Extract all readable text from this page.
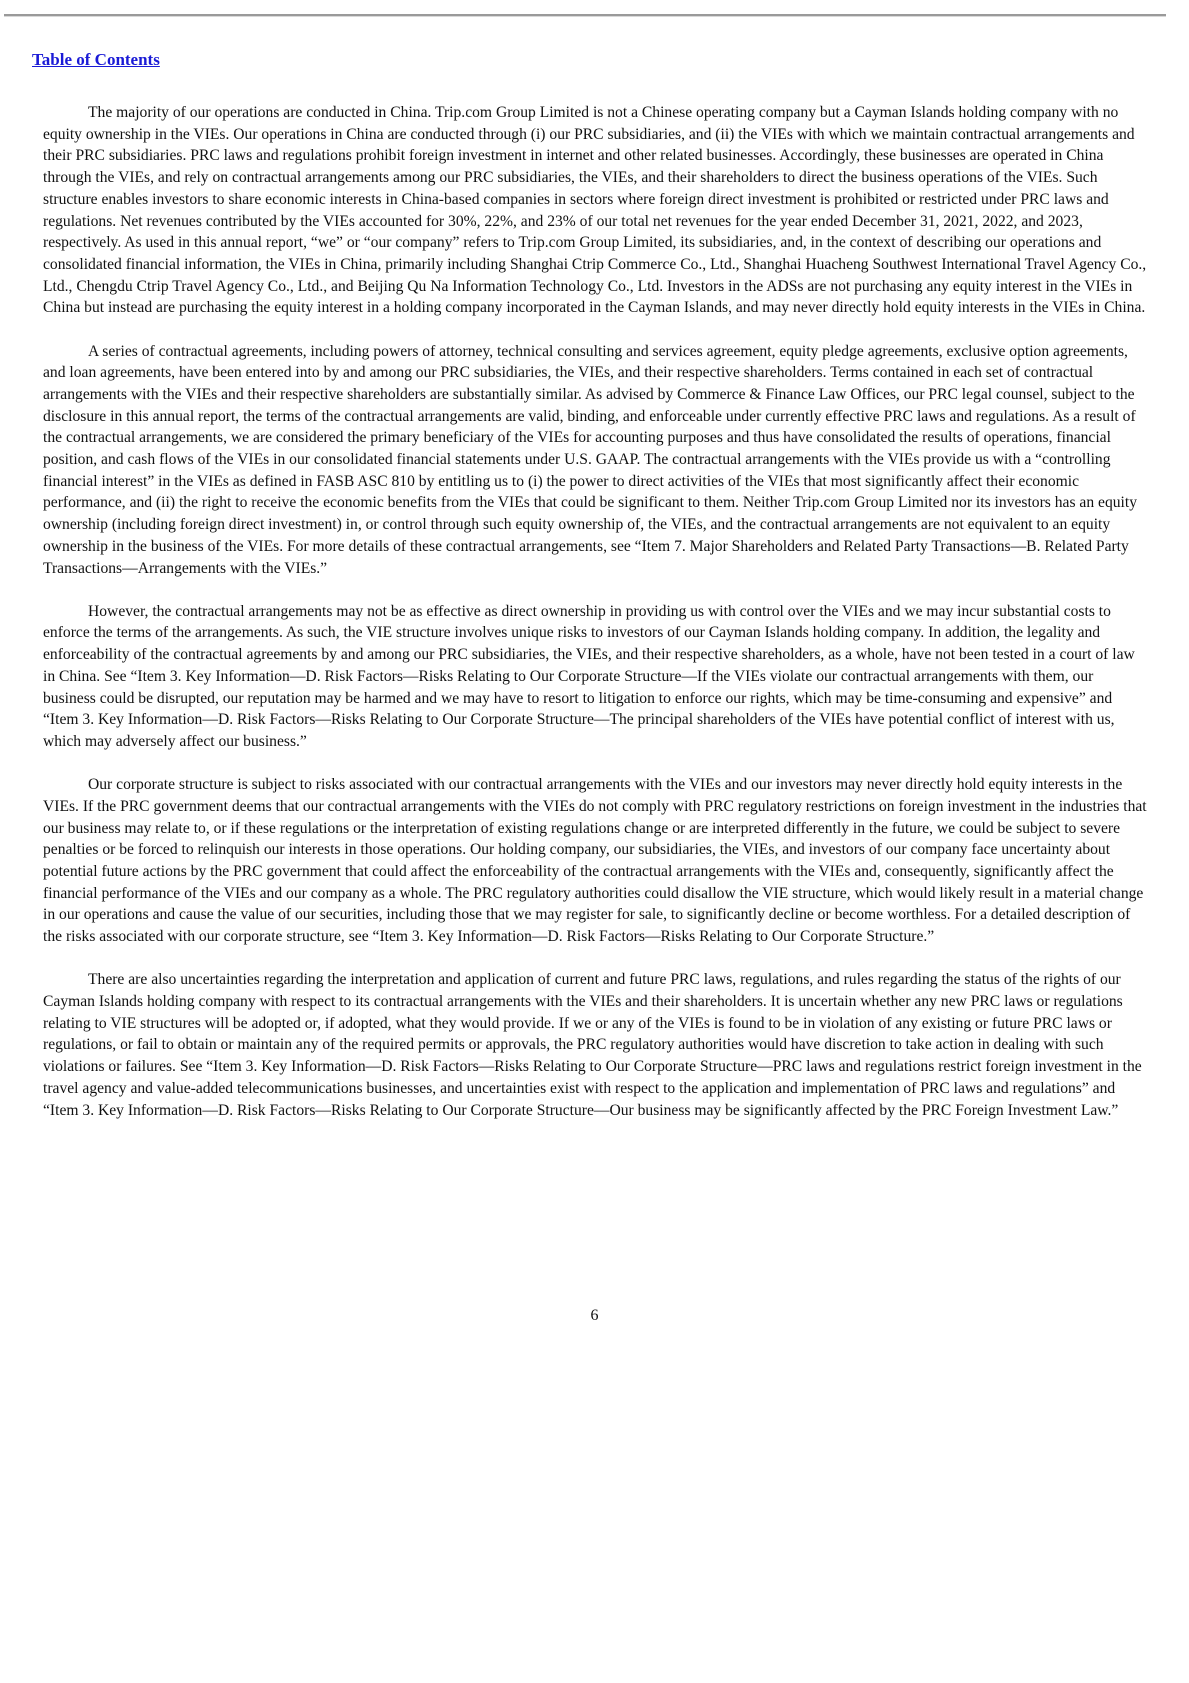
Table of Contents

The majority of our operations are conducted in China. Trip.com Group Limited is not a Chinese operating company but a Cayman Islands holding company with no equity ownership in the VIEs. Our operations in China are conducted through (i) our PRC subsidiaries, and (ii) the VIEs with which we maintain contractual arrangements and their PRC subsidiaries. PRC laws and regulations prohibit foreign investment in internet and other related businesses. Accordingly, these businesses are operated in China through the VIEs, and rely on contractual arrangements among our PRC subsidiaries, the VIEs, and their shareholders to direct the business operations of the VIEs. Such structure enables investors to share economic interests in China-based companies in sectors where foreign direct investment is prohibited or restricted under PRC laws and regulations. Net revenues contributed by the VIEs accounted for 30%, 22%, and 23% of our total net revenues for the year ended December 31, 2021, 2022, and 2023, respectively. As used in this annual report, “we” or “our company” refers to Trip.com Group Limited, its subsidiaries, and, in the context of describing our operations and consolidated financial information, the VIEs in China, primarily including Shanghai Ctrip Commerce Co., Ltd., Shanghai Huacheng Southwest International Travel Agency Co., Ltd., Chengdu Ctrip Travel Agency Co., Ltd., and Beijing Qu Na Information Technology Co., Ltd. Investors in the ADSs are not purchasing any equity interest in the VIEs in China but instead are purchasing the equity interest in a holding company incorporated in the Cayman Islands, and may never directly hold equity interests in the VIEs in China.

A series of contractual agreements, including powers of attorney, technical consulting and services agreement, equity pledge agreements, exclusive option agreements, and loan agreements, have been entered into by and among our PRC subsidiaries, the VIEs, and their respective shareholders. Terms contained in each set of contractual arrangements with the VIEs and their respective shareholders are substantially similar. As advised by Commerce & Finance Law Offices, our PRC legal counsel, subject to the disclosure in this annual report, the terms of the contractual arrangements are valid, binding, and enforceable under currently effective PRC laws and regulations. As a result of the contractual arrangements, we are considered the primary beneficiary of the VIEs for accounting purposes and thus have consolidated the results of operations, financial position, and cash flows of the VIEs in our consolidated financial statements under U.S. GAAP. The contractual arrangements with the VIEs provide us with a “controlling financial interest” in the VIEs as defined in FASB ASC 810 by entitling us to (i) the power to direct activities of the VIEs that most significantly affect their economic performance, and (ii) the right to receive the economic benefits from the VIEs that could be significant to them. Neither Trip.com Group Limited nor its investors has an equity ownership (including foreign direct investment) in, or control through such equity ownership of, the VIEs, and the contractual arrangements are not equivalent to an equity ownership in the business of the VIEs. For more details of these contractual arrangements, see “Item 7. Major Shareholders and Related Party Transactions—B. Related Party Transactions—Arrangements with the VIEs.”

However, the contractual arrangements may not be as effective as direct ownership in providing us with control over the VIEs and we may incur substantial costs to enforce the terms of the arrangements. As such, the VIE structure involves unique risks to investors of our Cayman Islands holding company. In addition, the legality and enforceability of the contractual agreements by and among our PRC subsidiaries, the VIEs, and their respective shareholders, as a whole, have not been tested in a court of law in China. See “Item 3. Key Information—D. Risk Factors—Risks Relating to Our Corporate Structure—If the VIEs violate our contractual arrangements with them, our business could be disrupted, our reputation may be harmed and we may have to resort to litigation to enforce our rights, which may be time-consuming and expensive” and “Item 3. Key Information—D. Risk Factors—Risks Relating to Our Corporate Structure—The principal shareholders of the VIEs have potential conflict of interest with us, which may adversely affect our business.”

Our corporate structure is subject to risks associated with our contractual arrangements with the VIEs and our investors may never directly hold equity interests in the VIEs. If the PRC government deems that our contractual arrangements with the VIEs do not comply with PRC regulatory restrictions on foreign investment in the industries that our business may relate to, or if these regulations or the interpretation of existing regulations change or are interpreted differently in the future, we could be subject to severe penalties or be forced to relinquish our interests in those operations. Our holding company, our subsidiaries, the VIEs, and investors of our company face uncertainty about potential future actions by the PRC government that could affect the enforceability of the contractual arrangements with the VIEs and, consequently, significantly affect the financial performance of the VIEs and our company as a whole. The PRC regulatory authorities could disallow the VIE structure, which would likely result in a material change in our operations and cause the value of our securities, including those that we may register for sale, to significantly decline or become worthless. For a detailed description of the risks associated with our corporate structure, see “Item 3. Key Information—D. Risk Factors—Risks Relating to Our Corporate Structure.”

There are also uncertainties regarding the interpretation and application of current and future PRC laws, regulations, and rules regarding the status of the rights of our Cayman Islands holding company with respect to its contractual arrangements with the VIEs and their shareholders. It is uncertain whether any new PRC laws or regulations relating to VIE structures will be adopted or, if adopted, what they would provide. If we or any of the VIEs is found to be in violation of any existing or future PRC laws or regulations, or fail to obtain or maintain any of the required permits or approvals, the PRC regulatory authorities would have discretion to take action in dealing with such violations or failures. See “Item 3. Key Information—D. Risk Factors—Risks Relating to Our Corporate Structure—PRC laws and regulations restrict foreign investment in the travel agency and value-added telecommunications businesses, and uncertainties exist with respect to the application and implementation of PRC laws and regulations” and “Item 3. Key Information—D. Risk Factors—Risks Relating to Our Corporate Structure—Our business may be significantly affected by the PRC Foreign Investment Law.”

6
